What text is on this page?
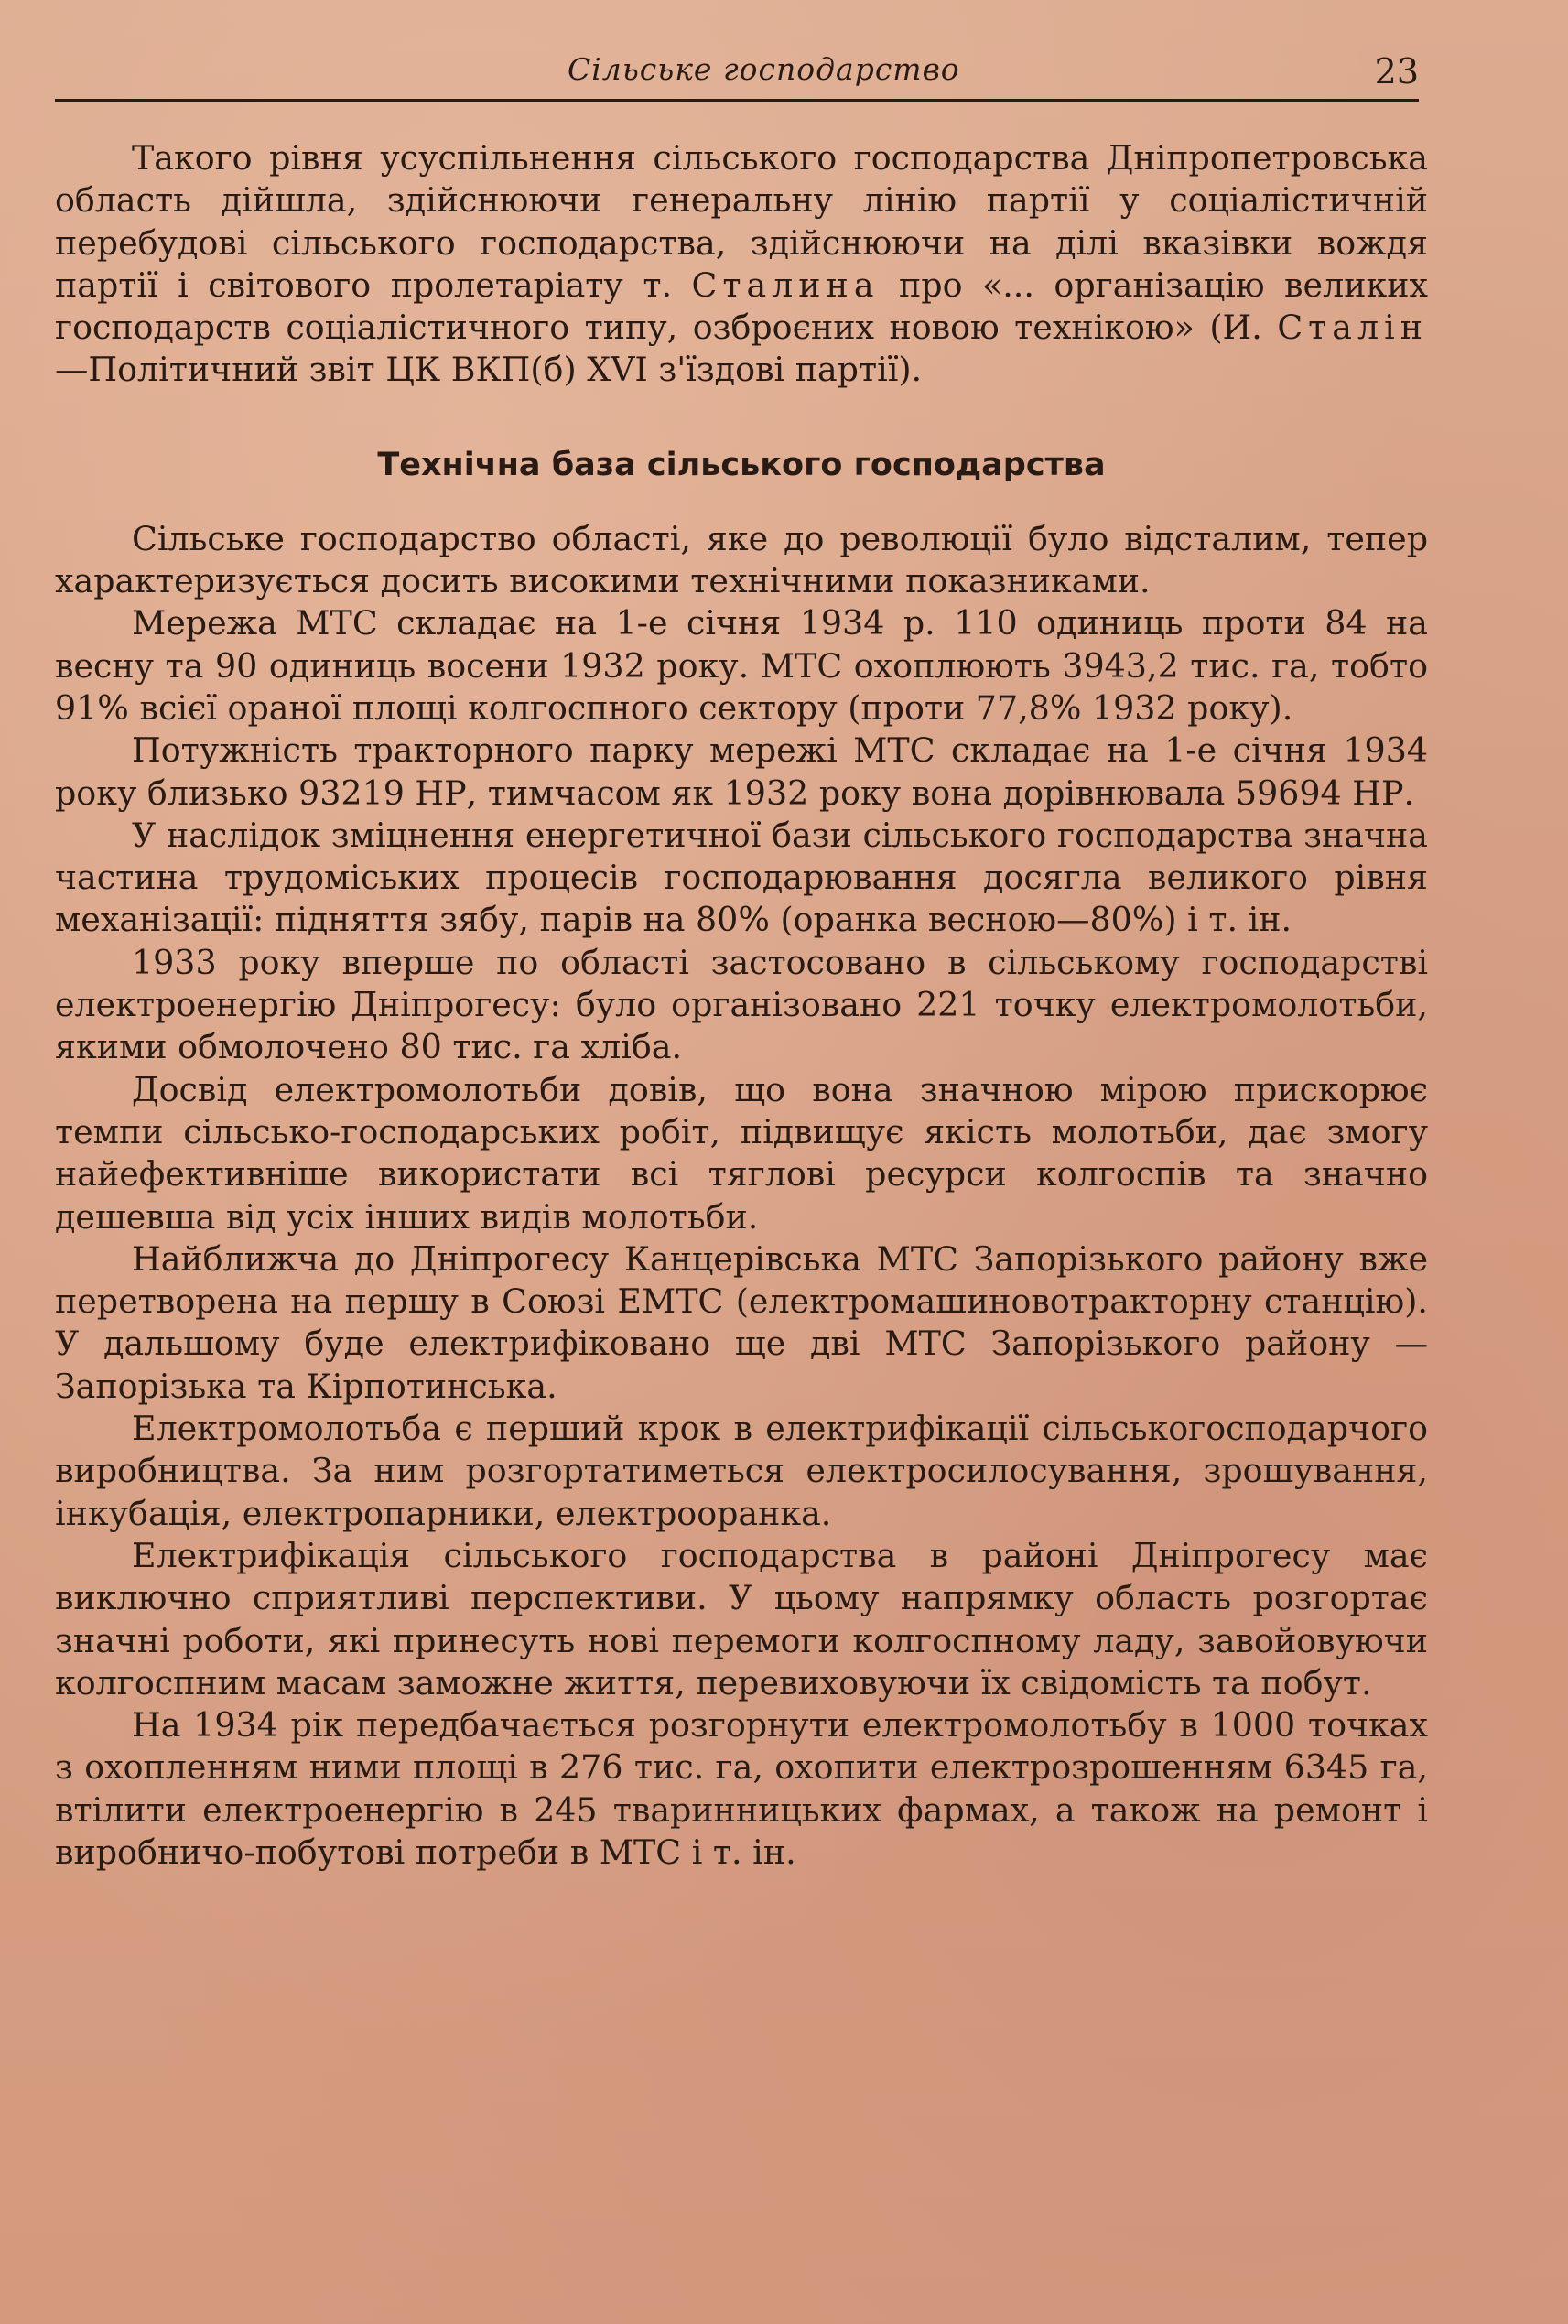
Сільське господарство	23

Такого рівня усуспільнення сільського господарства Дніпропетровська область дійшла, здійснюючи генеральну лінію партії у соціалістичній перебудові сільського господарства, здійснюючи на ділі вказівки вождя партії і світового пролетаріату т. Сталина про «... організацію великих господарств соціалістичного типу, озброєних новою технікою» (И. Сталін—Політичний звіт ЦК ВКП(б) XVI з'їздові партії).

Технічна база сільського господарства

Сільське господарство області, яке до революції було відсталим, тепер характеризується досить високими технічними показниками.

Мережа МТС складає на 1-е січня 1934 р. 110 одиниць проти 84 на весну та 90 одиниць восени 1932 року. МТС охоплюють 3943,2 тис. га, тобто 91% всієї ораної площі колгоспного сектору (проти 77,8% 1932 року).

Потужність тракторного парку мережі МТС складає на 1-е січня 1934 року близько 93219 НР, тимчасом як 1932 року вона дорівнювала 59694 НР.

У наслідок зміцнення енергетичної бази сільського господарства значна частина трудоміських процесів господарювання досягла великого рівня механізації: підняття зябу, парів на 80% (оранка весною—80%) і т. ін.

1933 року вперше по області застосовано в сільському господарстві електроенергію Дніпрогесу: було організовано 221 точку електромолотьби, якими обмолочено 80 тис. га хліба.

Досвід електромолотьби довів, що вона значною мірою прискорює темпи сільсько-господарських робіт, підвищує якість молотьби, дає змогу найефективніше використати всі тяглові ресурси колгоспів та значно дешевша від усіх інших видів молотьби.

Найближча до Дніпрогесу Канцерівська МТС Запорізького району вже перетворена на першу в Союзі ЕМТС (електромашиновотракторну станцію). У дальшому буде електрифіковано ще дві МТС Запорізького району — Запорізька та Кірпотинська.

Електромолотьба є перший крок в електрифікації сільськогосподарчого виробництва. За ним розгортатиметься електросилосування, зрошування, інкубація, електропарники, електрооранка.

Електрифікація сільського господарства в районі Дніпрогесу має виключно сприятливі перспективи. У цьому напрямку область розгортає значні роботи, які принесуть нові перемоги колгоспному ладу, завойовуючи колгоспним масам заможне життя, перевиховуючи їх свідомість та побут.

На 1934 рік передбачається розгорнути електромолотьбу в 1000 точках з охопленням ними площі в 276 тис. га, охопити електрозрошенням 6345 га, втілити електроенергію в 245 тваринницьких фармах, а також на ремонт і виробничо-побутові потреби в МТС і т. ін.
